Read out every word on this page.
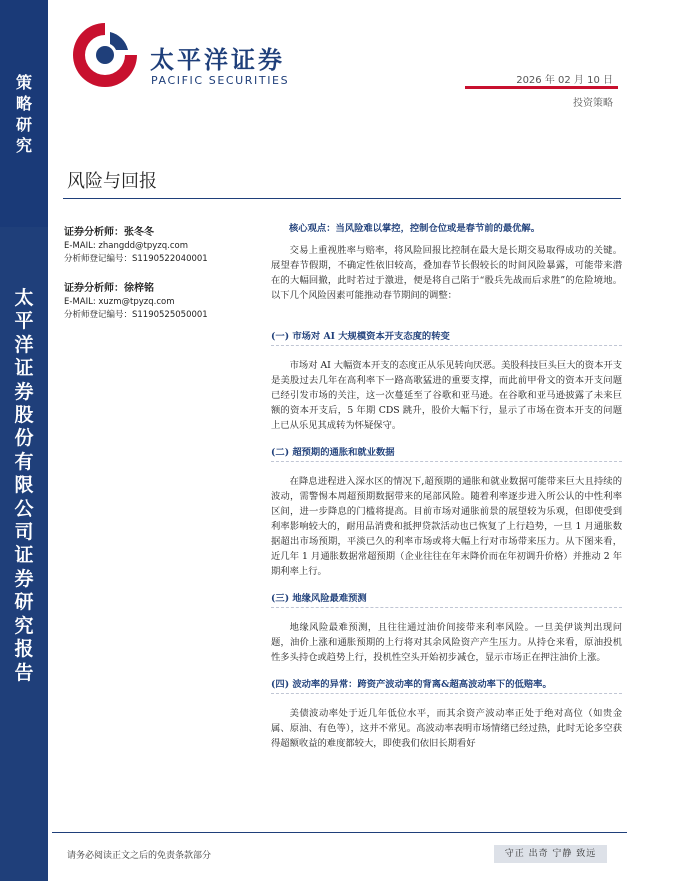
策
略
研
究
太
平
洋
证
券
股
份
有
限
公
司
证
券
研
究
报
告
太平洋证券
PACIFIC SECURITIES	2026 年 02 月 10 日
投资策略
风险与回报
证券分析师：张冬冬
E-MAIL: zhangdd@tpyzq.com
分析师登记编号：S1190522040001
证券分析师：徐梓铭
E-MAIL: xuzm@tpyzq.com
分析师登记编号：S1190525050001
核心观点：当风险难以掌控，控制仓位或是春节前的最优解。
交易上重视胜率与赔率，将风险回报比控制在最大是长期交易取得成功的关键。展望春节假期，不确定性依旧较高，叠加春节长假较长的时间风险暴露，可能带来潜在的大幅回撤，此时若过于激进，便是将自己陷于“骰兵先战而后求胜”的危险境地。以下几个风险因素可能推动春节期间的调整：
(一) 市场对 AI 大规模资本开支态度的转变
市场对 AI 大幅资本开支的态度正从乐见转向厌恶。美股科技巨头巨大的资本开支是美股过去几年在高利率下一路高歌猛进的重要支撑，而此前甲骨文的资本开支问题已经引发市场的关注，这一次蔓延至了谷歌和亚马逊。在谷歌和亚马逊披露了未来巨额的资本开支后，5 年期 CDS 跳升，股价大幅下行，显示了市场在资本开支的问题上已从乐见其成转为怀疑保守。
(二) 超预期的通胀和就业数据
在降息进程进入深水区的情况下,超预期的通胀和就业数据可能带来巨大且持续的波动，需警惕本周超预期数据带来的尾部风险。随着利率逐步进入所公认的中性利率区间，进一步降息的门槛将提高。目前市场对通胀前景的展望较为乐观，但即使受到利率影响较大的，耐用品消费和抵押贷款活动也已恢复了上行趋势，一旦 1 月通胀数据超出市场预期，平淡已久的利率市场或将大幅上行对市场带来压力。从下图来看，近几年 1 月通胀数据常超预期（企业往往在年末降价而在年初调升价格）并推动 2 年期利率上行。
(三) 地缘风险最难预测
地缘风险最难预测，且往往通过油价间接带来利率风险。一旦美伊谈判出现问题，油价上涨和通胀预期的上行将对其余风险资产产生压力。从持仓来看，原油投机性多头持仓或趋势上行，投机性空头开始初步减仓，显示市场正在押注油价上涨。
(四) 波动率的异常：跨资产波动率的背离&超高波动率下的低赔率。
美债波动率处于近几年低位水平，而其余资产波动率正处于绝对高位（如贵金属、原油、有色等），这并不常见。高波动率表明市场情绪已经过热，此时无论多空获得超额收益的难度都较大，即使我们依旧长期看好
请务必阅读正文之后的免责条款部分	守正 出奇 宁静 致远
